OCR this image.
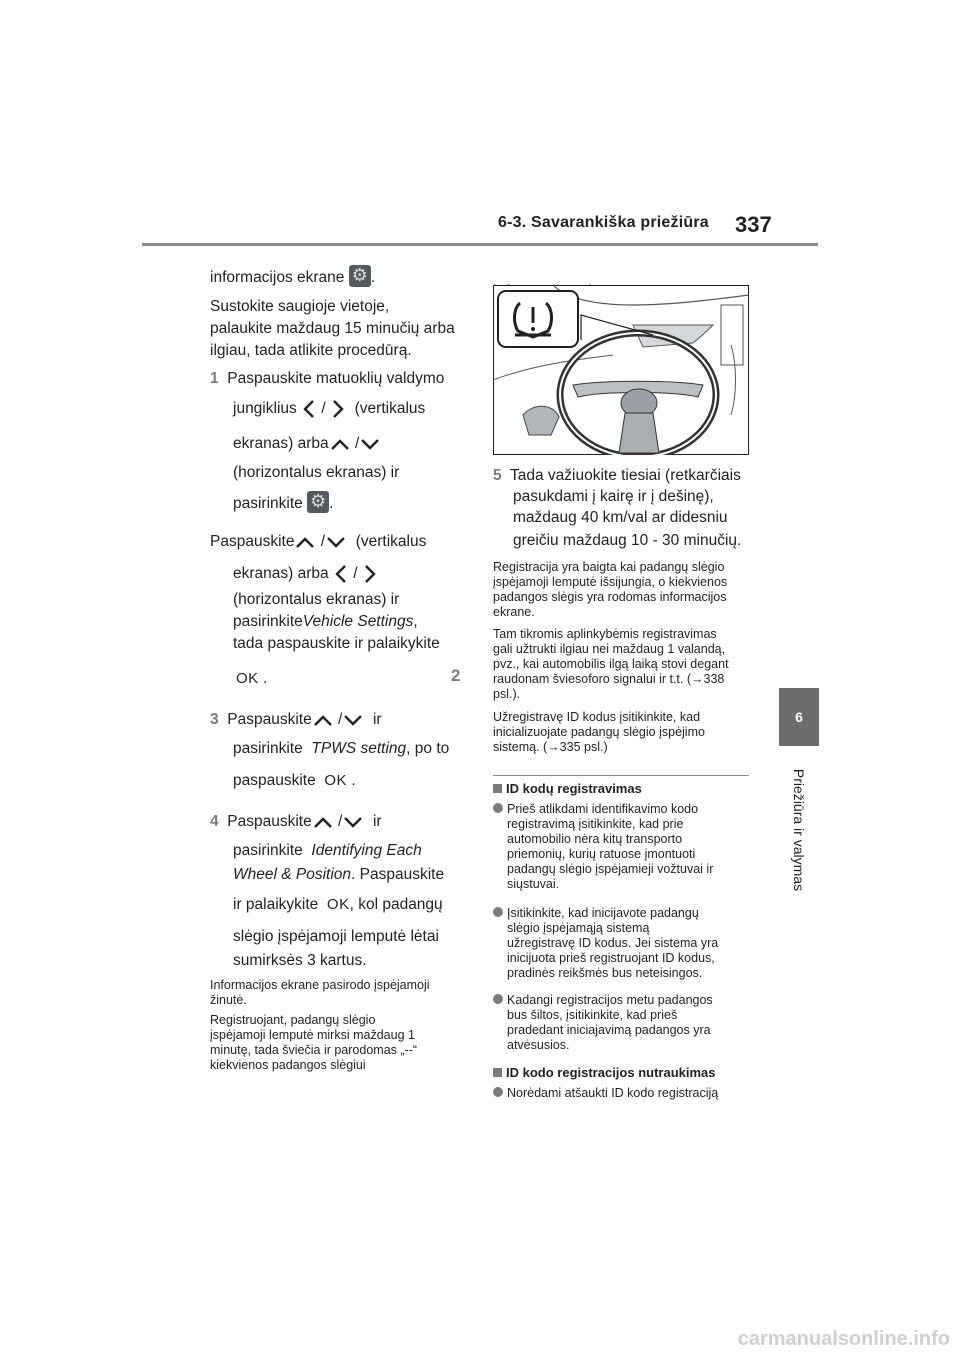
6-3. Savarankiška priežiūra 337
6
Priežiūra ir valymas
informacijos ekrane ⚙ .
Sustokite saugioje vietoje,
palaukite maždaug 15 minučių arba
ilgiau, tada atlikite procedūrą.
1 Paspauskite matuoklių valdymo
jungiklius / (vertikalus
ekranas) arba /
(horizontalus ekranas) ir
pasirinkite ⚙ .
Paspauskite / (vertikalus
ekranas) arba /
(horizontalus ekranas) ir
pasirinkiteVehicle Settings,
tada paspauskite ir palaikykite
OK .	2
3 Paspauskite / ir
pasirinkite TPWS setting, po to
paspauskite OK .
4 Paspauskite / ir
pasirinkite Identifying Each
Wheel & Position. Paspauskite
ir palaikykite OK, kol padangų
slėgio įspėjamoji lemputė lėtai
sumirksės 3 kartus.
Informacijos ekrane pasirodo įspėjamoji
žinutė.
Registruojant, padangų slėgio
įspėjamoji lemputė mirksi maždaug 1
minutę, tada šviečia ir parodomas „--“
kiekvienos padangos slėgiui
5 Tada važiuokite tiesiai (retkarčiais
pasukdami į kairę ir į dešinę),
maždaug 40 km/val ar didesniu
greičiu maždaug 10 - 30 minučių.
Registracija yra baigta kai padangų slėgio
įspėjamoji lemputė išsijungia, o kiekvienos
padangos slėgis yra rodomas informacijos
ekrane.
Tam tikromis aplinkybėmis registravimas
gali užtrukti ilgiau nei maždaug 1 valandą,
pvz., kai automobilis ilgą laiką stovi degant
raudonam šviesoforo signalui ir t.t. (→338
psl.).
Užregistravę ID kodus įsitikinkite, kad
inicializuojate padangų slėgio įspėjimo
sistemą. (→335 psl.)
ID kodų registravimas
Prieš atlikdami identifikavimo kodo
registravimą įsitikinkite, kad prie
automobilio nėra kitų transporto
priemonių, kurių ratuose įmontuoti
padangų slėgio įspėjamieji vožtuvai ir
siųstuvai.
Įsitikinkite, kad inicijavote padangų
slėgio įspėjamąją sistemą
užregistravę ID kodus. Jei sistema yra
inicijuota prieš registruojant ID kodus,
pradinės reikšmės bus neteisingos.
Kadangi registracijos metu padangos
bus šiltos, įsitikinkite, kad prieš
pradedant iniciajavimą padangos yra
atvėsusios.
ID kodo registracijos nutraukimas
Norėdami atšaukti ID kodo registraciją
carmanualsonline.info
